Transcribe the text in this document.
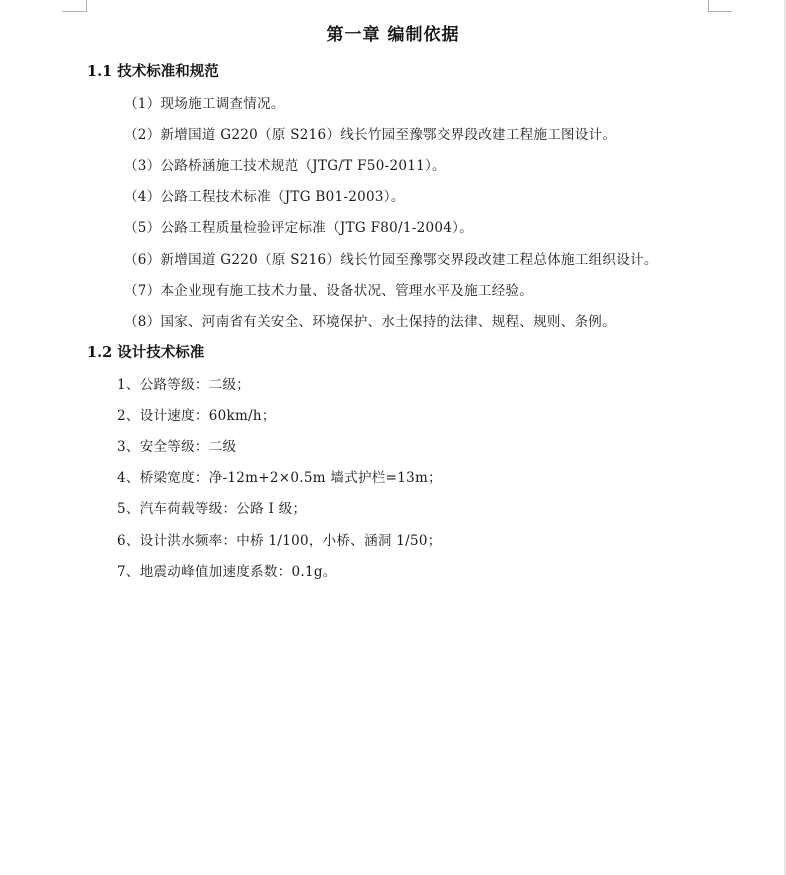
第一章 编制依据
1.1 技术标准和规范
（1）现场施工调查情况。
（2）新增国道 G220（原 S216）线长竹园至豫鄂交界段改建工程施工图设计。
（3）公路桥涵施工技术规范（JTG/T F50-2011）。
（4）公路工程技术标准（JTG B01-2003）。
（5）公路工程质量检验评定标准（JTG F80/1-2004）。
（6）新增国道 G220（原 S216）线长竹园至豫鄂交界段改建工程总体施工组织设计。
（7）本企业现有施工技术力量、设备状况、管理水平及施工经验。
（8）国家、河南省有关安全、环境保护、水土保持的法律、规程、规则、条例。
1.2 设计技术标准
1、公路等级：二级；
2、设计速度：60km/h；
3、安全等级：二级
4、桥梁宽度：净-12m+2×0.5m 墙式护栏=13m；
5、汽车荷载等级：公路 I 级；
6、设计洪水频率：中桥 1/100，小桥、涵洞 1/50；
7、地震动峰值加速度系数：0.1g。
